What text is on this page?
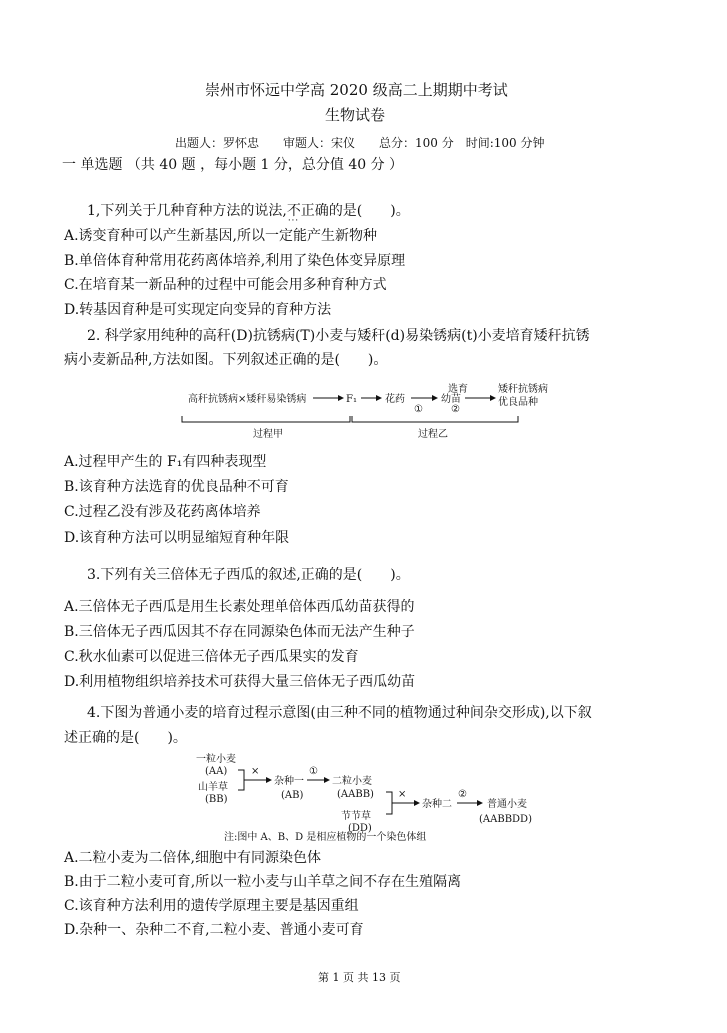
崇州市怀远中学高 2020 级高二上期期中考试
生物试卷
出题人：罗怀忠　　审题人：宋仪　　总分：100 分　时间:100 分钟
一 单选题 （共 40 题 ，每小题 1 分，总分值 40 分 ）
1,下列关于几种育种方法的说法,不正确 · · ·的是(　　)。
A.诱变育种可以产生新基因,所以一定能产生新物种
B.单倍体育种常用花药离体培养,利用了染色体变异原理
C.在培育某一新品种的过程中可能会用多种育种方式
D.转基因育种是可实现定向变异的育种方法
2. 科学家用纯种的高秆(D)抗锈病(T)小麦与矮秆(d)易染锈病(t)小麦培育矮秆抗锈
病小麦新品种,方法如图。下列叙述正确的是(　　)。
高秆抗锈病×矮秆易染锈病	F₁	花药
①
幼苗
选育
②
矮秆抗锈病
优良品种
过程甲	过程乙
A.过程甲产生的 F₁有四种表现型
B.该育种方法选育的优良品种不可育
C.过程乙没有涉及花药离体培养
D.该育种方法可以明显缩短育种年限
3.下列有关三倍体无子西瓜的叙述,正确的是(　　)。
A.三倍体无子西瓜是用生长素处理单倍体西瓜幼苗获得的
B.三倍体无子西瓜因其不存在同源染色体而无法产生种子
C.秋水仙素可以促进三倍体无子西瓜果实的发育
D.利用植物组织培养技术可获得大量三倍体无子西瓜幼苗
4.下图为普通小麦的培育过程示意图(由三种不同的植物通过种间杂交形成),以下叙
述正确的是(　　)。
一粒小麦
(AA)
山羊草
(BB)
×
杂种一
(AB)
①
二粒小麦
(AABB)
节节草
(DD)
×
杂种二
②
普通小麦
(AABBDD)
注:图中 A、B、D 是相应植物的一个染色体组
A.二粒小麦为二倍体,细胞中有同源染色体
B.由于二粒小麦可育,所以一粒小麦与山羊草之间不存在生殖隔离
C.该育种方法利用的遗传学原理主要是基因重组
D.杂种一、杂种二不育,二粒小麦、普通小麦可育
第 1 页 共 13 页
